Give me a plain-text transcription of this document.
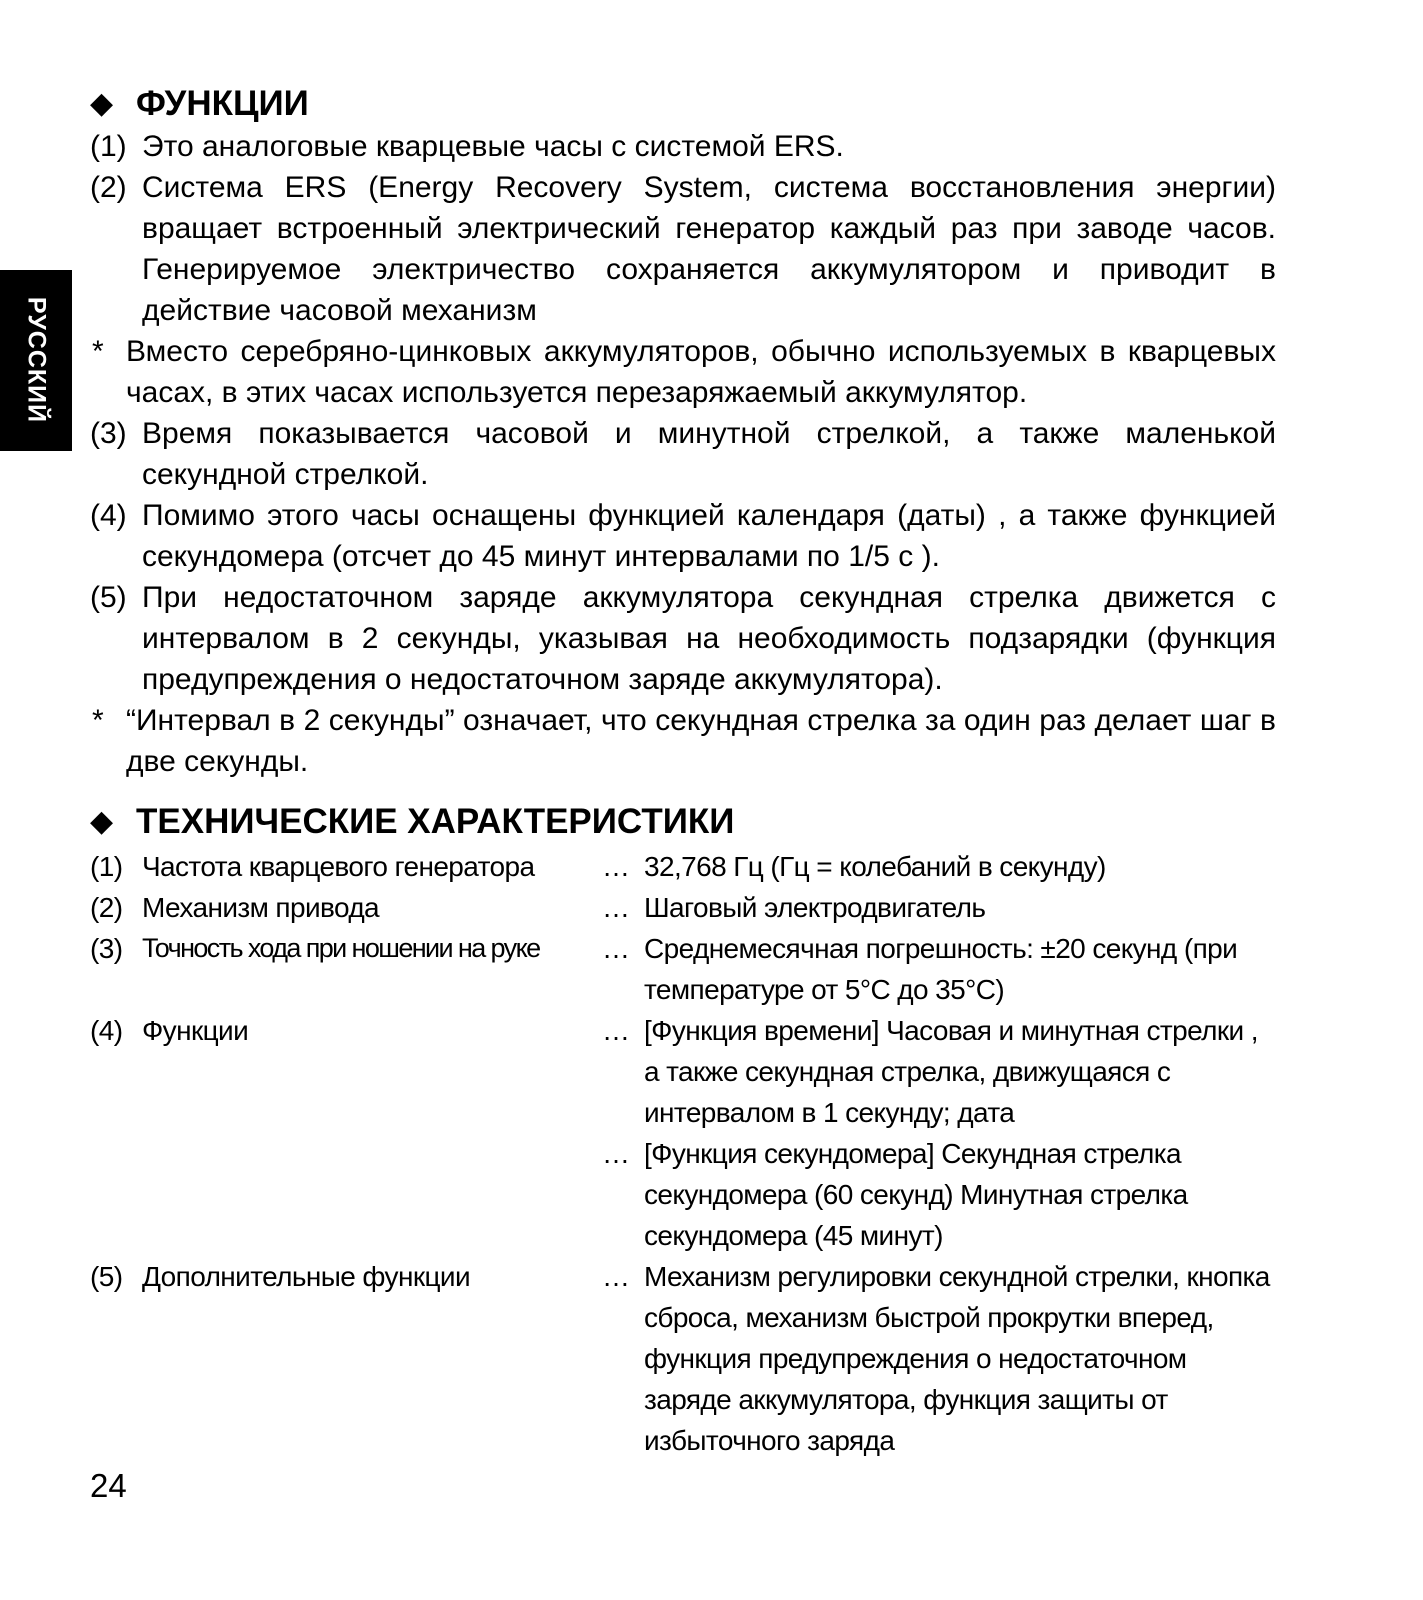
РУССКИЙ
◆ ФУНКЦИИ
(1) Это аналоговые кварцевые часы с системой ERS.
(2) Система ERS (Energy Recovery System, система восстановления энергии) вращает встроенный электрический генератор каждый раз при заводе часов. Генерируемое электричество сохраняется аккумулятором и приводит в действие часовой механизм
* Вместо серебряно-цинковых аккумуляторов, обычно используемых в кварцевых часах, в этих часах используется перезаряжаемый аккумулятор.
(3) Время показывается часовой и минутной стрелкой, а также маленькой секундной стрелкой.
(4) Помимо этого часы оснащены функцией календаря (даты) , а также функцией секундомера (отсчет до 45 минут интервалами по 1/5 с ).
(5) При недостаточном заряде аккумулятора секундная стрелка движется с интервалом в 2 секунды, указывая на необходимость подзарядки (функция предупреждения о недостаточном заряде аккумулятора).
* “Интервал в 2 секунды” означает, что секундная стрелка за один раз делает шаг в две секунды.
◆ ТЕХНИЧЕСКИЕ ХАРАКТЕРИСТИКИ
(1) Частота кварцевого генератора … 32,768 Гц (Гц = колебаний в секунду)
(2) Механизм привода	… Шаговый электродвигатель
(3) Точность хода при ношении на руке … Среднемесячная погрешность: ±20 секунд (при температуре от 5°C до 35°C)
(4) Функции	… [Функция времени] Часовая и минутная стрелки , а также секундная стрелка, движущаяся с интервалом в 1 секунду; дата
… [Функция секундомера] Секундная стрелка секундомера (60 секунд) Минутная стрелка секундомера (45 минут)
(5) Дополнительные функции	… Механизм регулировки секундной стрелки, кнопка сброса, механизм быстрой прокрутки вперед, функция предупреждения о недостаточном заряде аккумулятора, функция защиты от избыточного заряда
24
